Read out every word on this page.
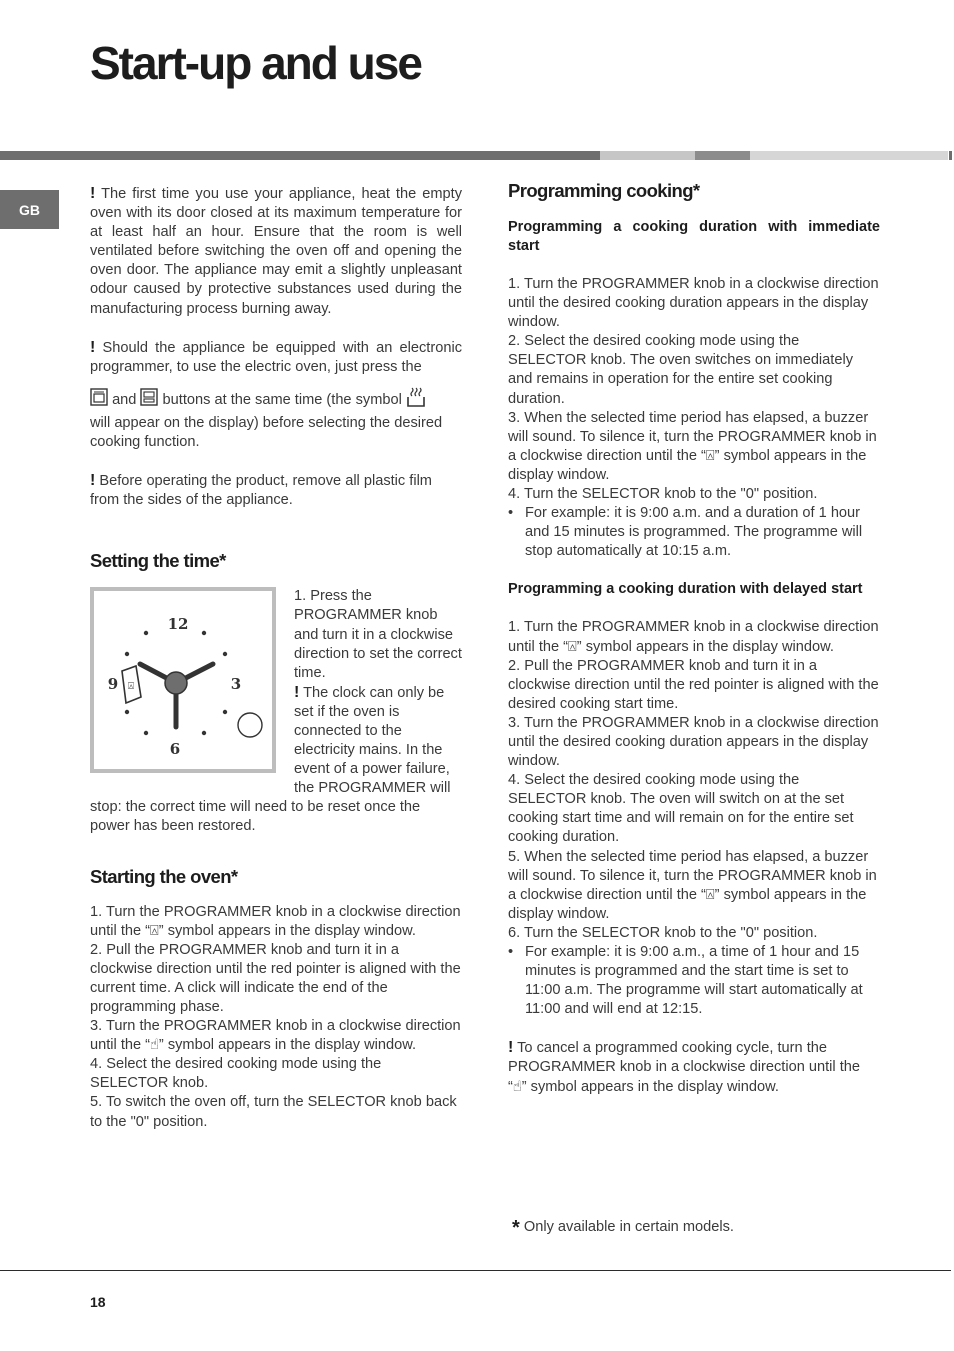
Start-up and use
GB

! The first time you use your appliance, heat the empty oven with its door closed at its maximum temperature for at least half an hour. Ensure that the room is well ventilated before switching the oven off and opening the oven door. The appliance may emit a slightly unpleasant odour caused by protective substances used during the manufacturing process burning away.

! Should the appliance be equipped with an electronic programmer, to use the electric oven, just press the

and buttons at the same time (the symbol

will appear on the display) before selecting the desired cooking function.

! Before operating the product, remove all plastic film from the sides of the appliance.

Setting the time*
12
3
6
9 ⍓

1. Press the PROGRAMMER knob and turn it in a clockwise direction to set the correct time.

! The clock can only be set if the oven is connected to the electricity mains. In the event of a power failure, the PROGRAMMER will stop: the correct time will need to be reset once the power has been restored.

Starting the oven*

1. Turn the PROGRAMMER knob in a clockwise direction until the “⍓” symbol appears in the display window.

2. Pull the PROGRAMMER knob and turn it in a clockwise direction until the red pointer is aligned with the current time. A click will indicate the end of the programming phase.

3. Turn the PROGRAMMER knob in a clockwise direction until the “☝” symbol appears in the display window.

4. Select the desired cooking mode using the SELECTOR knob.

5. To switch the oven off, turn the SELECTOR knob back to the "0" position.

Programming cooking*
Programming a cooking duration with immediate start

1. Turn the PROGRAMMER knob in a clockwise direction until the desired cooking duration appears in the display window.

2. Select the desired cooking mode using the SELECTOR knob. The oven switches on immediately and remains in operation for the entire set cooking duration.

3. When the selected time period has elapsed, a buzzer will sound. To silence it, turn the PROGRAMMER knob in a clockwise direction until the “⍓” symbol appears in the display window.

4. Turn the SELECTOR knob to the "0" position.

• For example: it is 9:00 a.m. and a duration of 1 hour and 15 minutes is programmed. The programme will stop automatically at 10:15 a.m.
Programming a cooking duration with delayed start

1. Turn the PROGRAMMER knob in a clockwise direction until the “⍓” symbol appears in the display window.

2. Pull the PROGRAMMER knob and turn it in a clockwise direction until the red pointer is aligned with the desired cooking start time.

3. Turn the PROGRAMMER knob in a clockwise direction until the desired cooking duration appears in the display window.

4. Select the desired cooking mode using the SELECTOR knob. The oven will switch on at the set cooking start time and will remain on for the entire set cooking duration.

5. When the selected time period has elapsed, a buzzer will sound. To silence it, turn the PROGRAMMER knob in a clockwise direction until the “⍓” symbol appears in the display window.

6. Turn the SELECTOR knob to the "0" position.

• For example: it is 9:00 a.m., a time of 1 hour and 15 minutes is programmed and the start time is set to 11:00 a.m. The programme will start automatically at 11:00 and will end at 12:15.

! To cancel a programmed cooking cycle, turn the PROGRAMMER knob in a clockwise direction until the “☝” symbol appears in the display window.

* Only available in certain models.
18
